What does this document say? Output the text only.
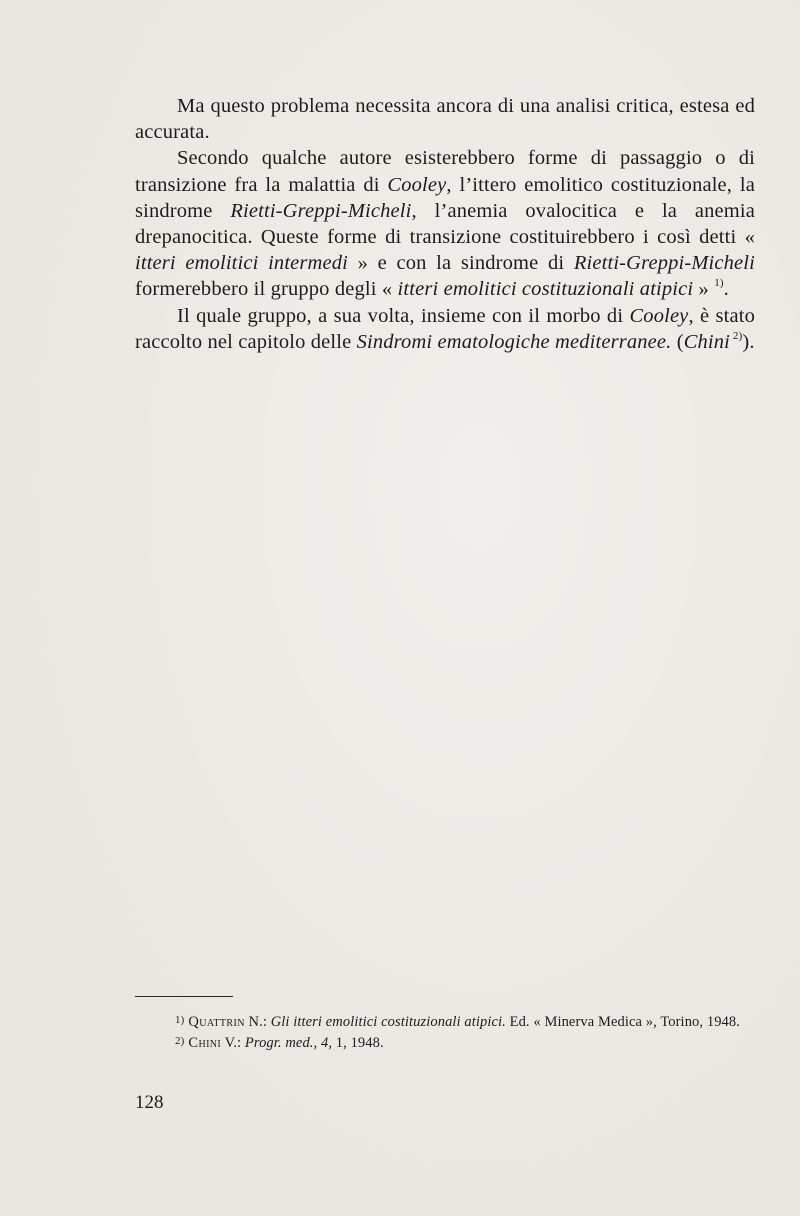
Ma questo problema necessita ancora di una analisi critica, estesa ed accurata.

Secondo qualche autore esisterebbero forme di passaggio o di transizione fra la malattia di Cooley, l’ittero emolitico costituzionale, la sindrome Rietti-Greppi-Micheli, l’anemia ovalocitica e la anemia drepanocitica. Queste forme di transizione costituirebbero i così detti « itteri emolitici intermedi » e con la sindrome di Rietti-Greppi-Micheli formerebbero il gruppo degli « itteri emolitici costituzionali atipici » $^{1)}$.

Il quale gruppo, a sua volta, insieme con il morbo di Cooley, è stato raccolto nel capitolo delle Sindromi ematologiche mediterranee. (Chini $^{2)}$).

$^{1)}$ Quattrin N.: Gli itteri emolitici costituzionali atipici. Ed. « Minerva Medica », Torino, 1948.

$^{2)}$ Chini V.: Progr. med., 4, 1, 1948.

128
